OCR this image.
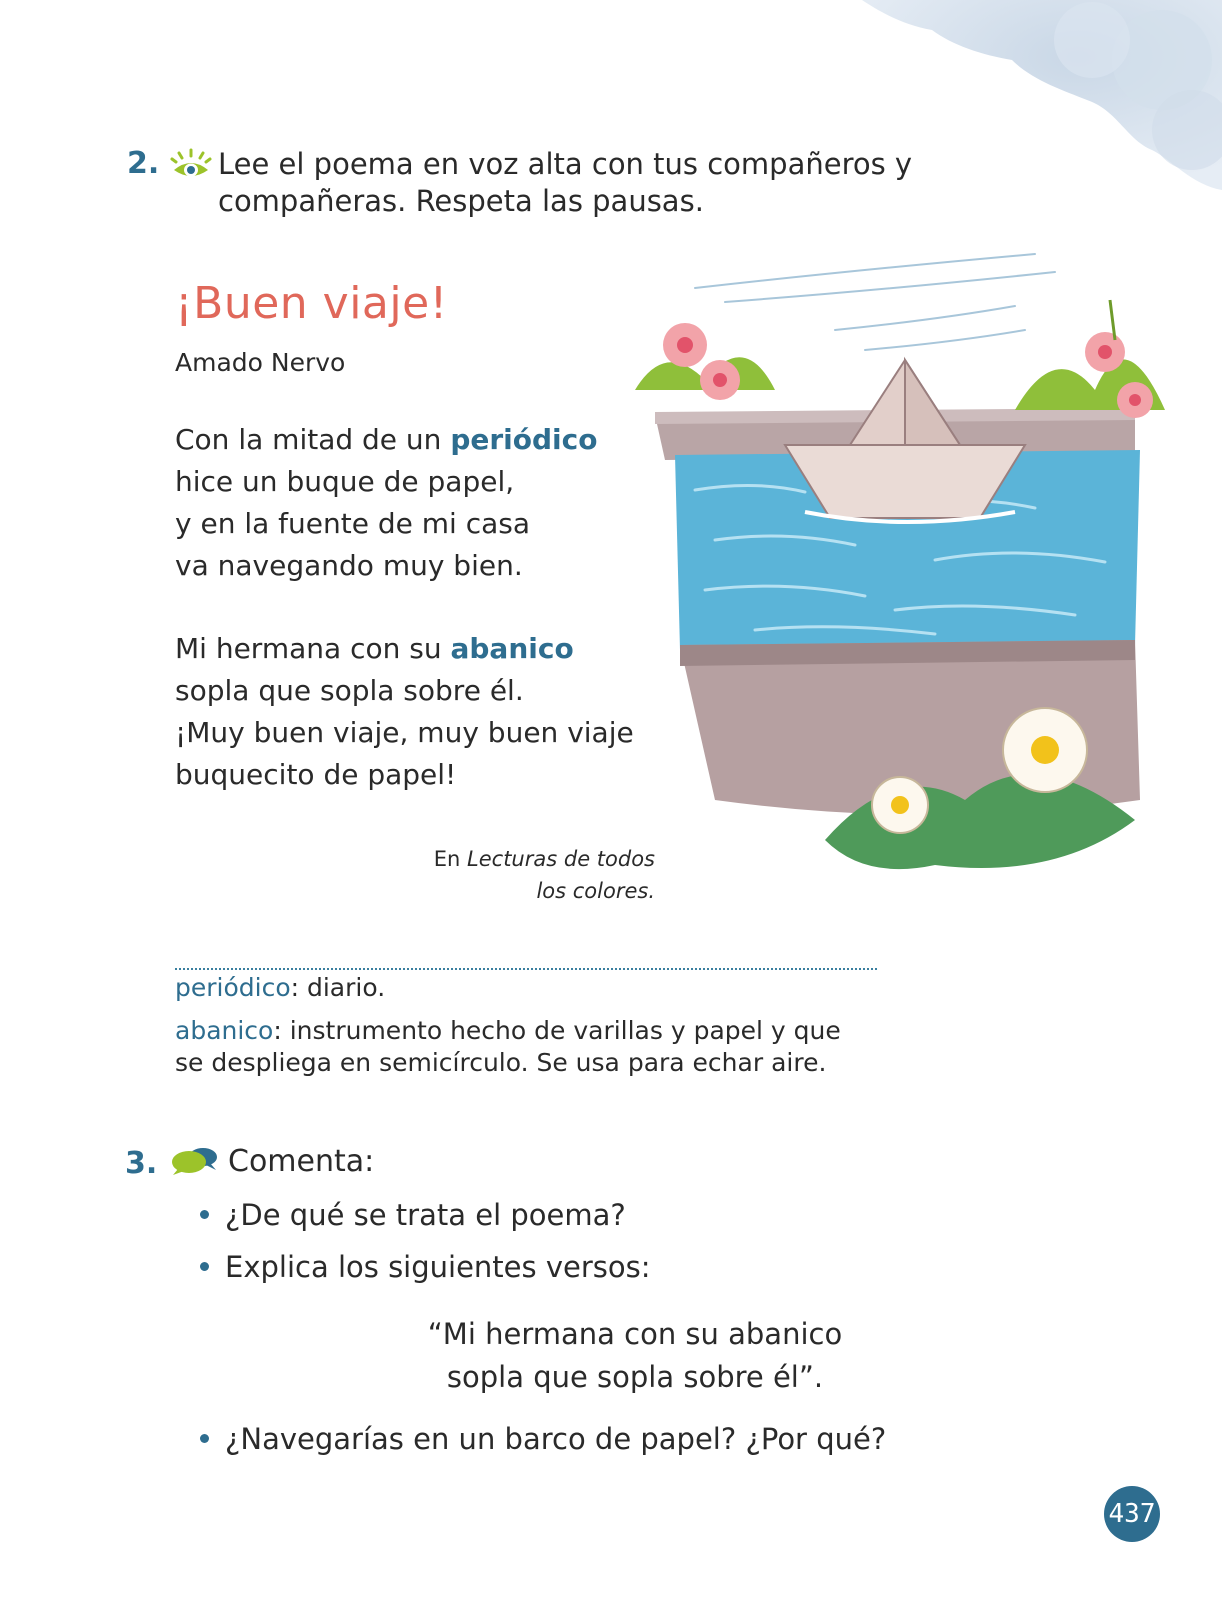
2. Lee el poema en voz alta con tus compañeros y
compañeras. Respeta las pausas.
¡Buen viaje!
Amado Nervo
Con la mitad de un periódico
hice un buque de papel,
y en la fuente de mi casa
va navegando muy bien.
Mi hermana con su abanico
sopla que sopla sobre él.
¡Muy buen viaje, muy buen viaje
buquecito de papel!
En Lecturas de todos
los colores.
periódico: diario.
abanico: instrumento hecho de varillas y papel y que
se despliega en semicírculo. Se usa para echar aire.
3. Comenta:
¿De qué se trata el poema?
Explica los siguientes versos:
“Mi hermana con su abanico
sopla que sopla sobre él”.
¿Navegarías en un barco de papel? ¿Por qué?
437
